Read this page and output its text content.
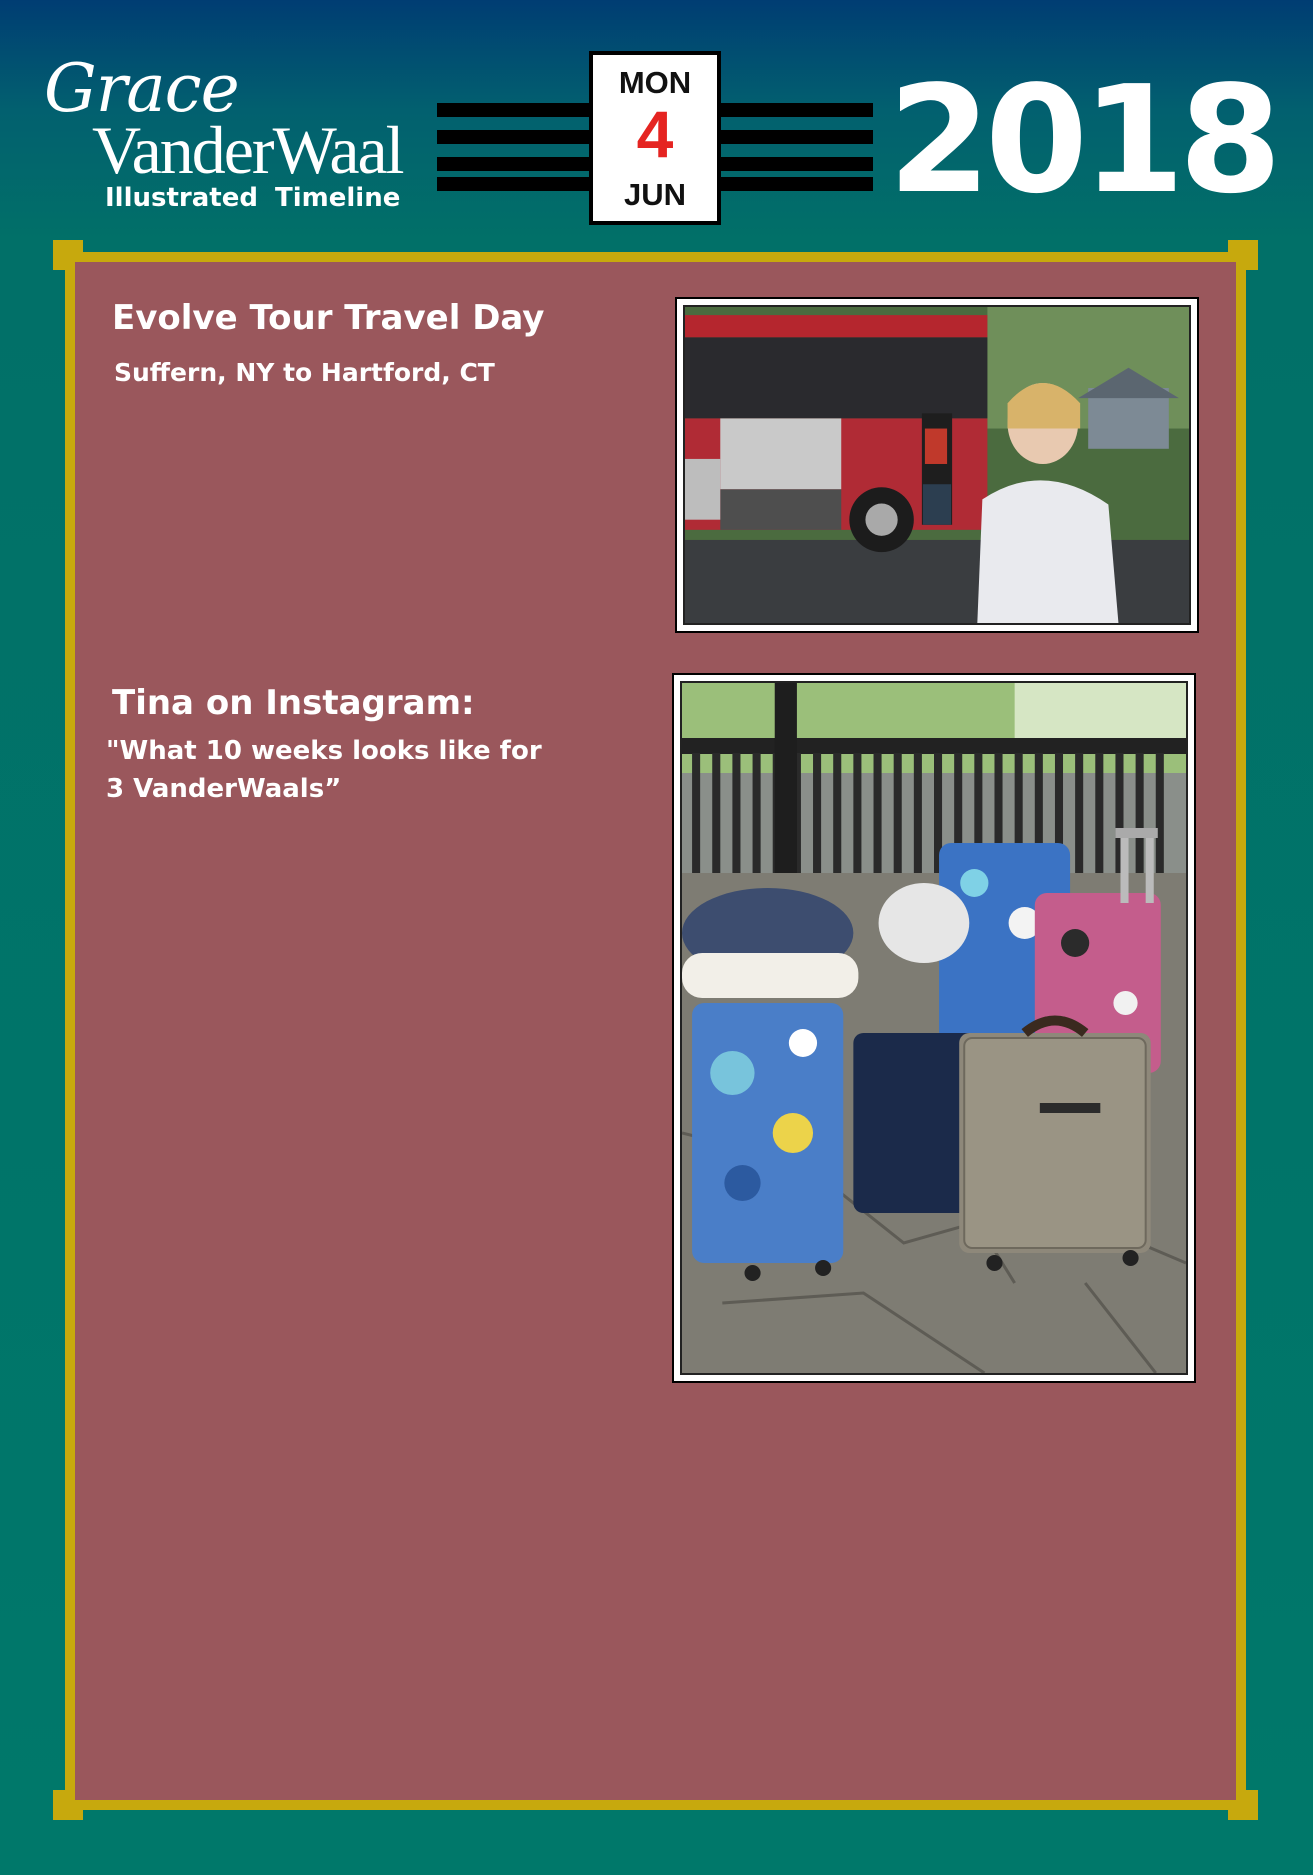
Grace
VanderWaal
Illustrated Timeline
MON
4
JUN 2018
Evolve Tour Travel Day
Suffern, NY to Hartford, CT
Tina on Instagram:
"What 10 weeks looks like for
3 VanderWaals”
